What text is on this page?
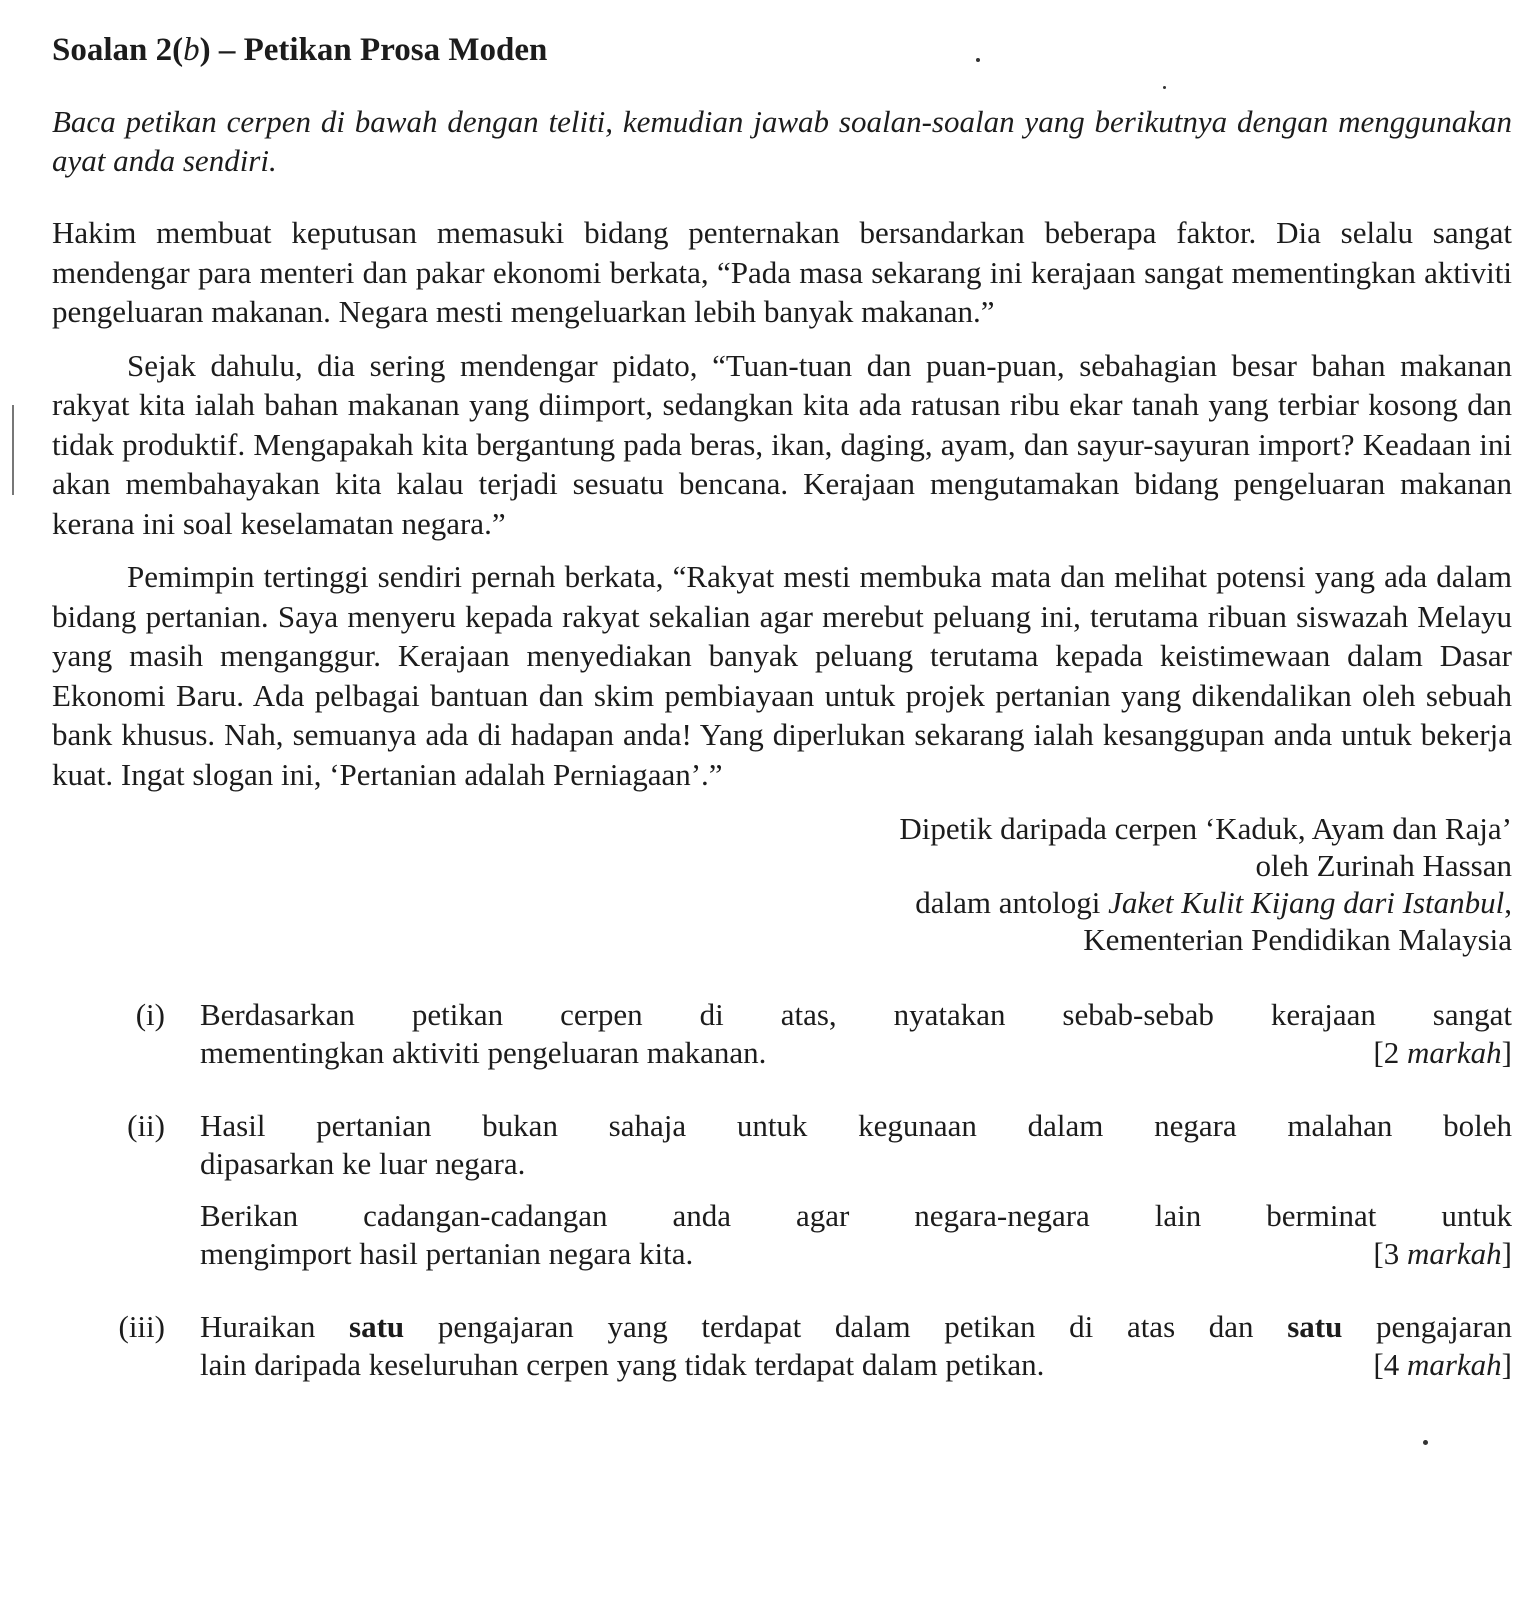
Soalan 2(b) – Petikan Prosa Moden
Baca petikan cerpen di bawah dengan teliti, kemudian jawab soalan-soalan yang berikutnya dengan menggunakan ayat anda sendiri.

Hakim membuat keputusan memasuki bidang penternakan bersandarkan beberapa faktor. Dia selalu sangat mendengar para menteri dan pakar ekonomi berkata, “Pada masa sekarang ini kerajaan sangat mementingkan aktiviti pengeluaran makanan. Negara mesti mengeluarkan lebih banyak makanan.”

Sejak dahulu, dia sering mendengar pidato, “Tuan-tuan dan puan-puan, sebahagian besar bahan makanan rakyat kita ialah bahan makanan yang diimport, sedangkan kita ada ratusan ribu ekar tanah yang terbiar kosong dan tidak produktif. Mengapakah kita bergantung pada beras, ikan, daging, ayam, dan sayur-sayuran import? Keadaan ini akan membahayakan kita kalau terjadi sesuatu bencana. Kerajaan mengutamakan bidang pengeluaran makanan kerana ini soal keselamatan negara.”

Pemimpin tertinggi sendiri pernah berkata, “Rakyat mesti membuka mata dan melihat potensi yang ada dalam bidang pertanian. Saya menyeru kepada rakyat sekalian agar merebut peluang ini, terutama ribuan siswazah Melayu yang masih menganggur. Kerajaan menyediakan banyak peluang terutama kepada keistimewaan dalam Dasar Ekonomi Baru. Ada pelbagai bantuan dan skim pembiayaan untuk projek pertanian yang dikendalikan oleh sebuah bank khusus. Nah, semuanya ada di hadapan anda! Yang diperlukan sekarang ialah kesanggupan anda untuk bekerja kuat. Ingat slogan ini, ‘Pertanian adalah Perniagaan’.”

Dipetik daripada cerpen ‘Kaduk, Ayam dan Raja’
oleh Zurinah Hassan
dalam antologi Jaket Kulit Kijang dari Istanbul,
Kementerian Pendidikan Malaysia
(i)	Berdasarkan petikan cerpen di atas, nyatakan sebab-sebab kerajaan sangat

mementingkan aktiviti pengeluaran makanan.	[2 markah]
(ii)	Hasil pertanian bukan sahaja untuk kegunaan dalam negara malahan boleh

dipasarkan ke luar negara.

Berikan cadangan-cadangan anda agar negara-negara lain berminat untuk

mengimport hasil pertanian negara kita.	[3 markah]
(iii)	Huraikan satu pengajaran yang terdapat dalam petikan di atas dan satu pengajaran

lain daripada keseluruhan cerpen yang tidak terdapat dalam petikan.	[4 markah]
